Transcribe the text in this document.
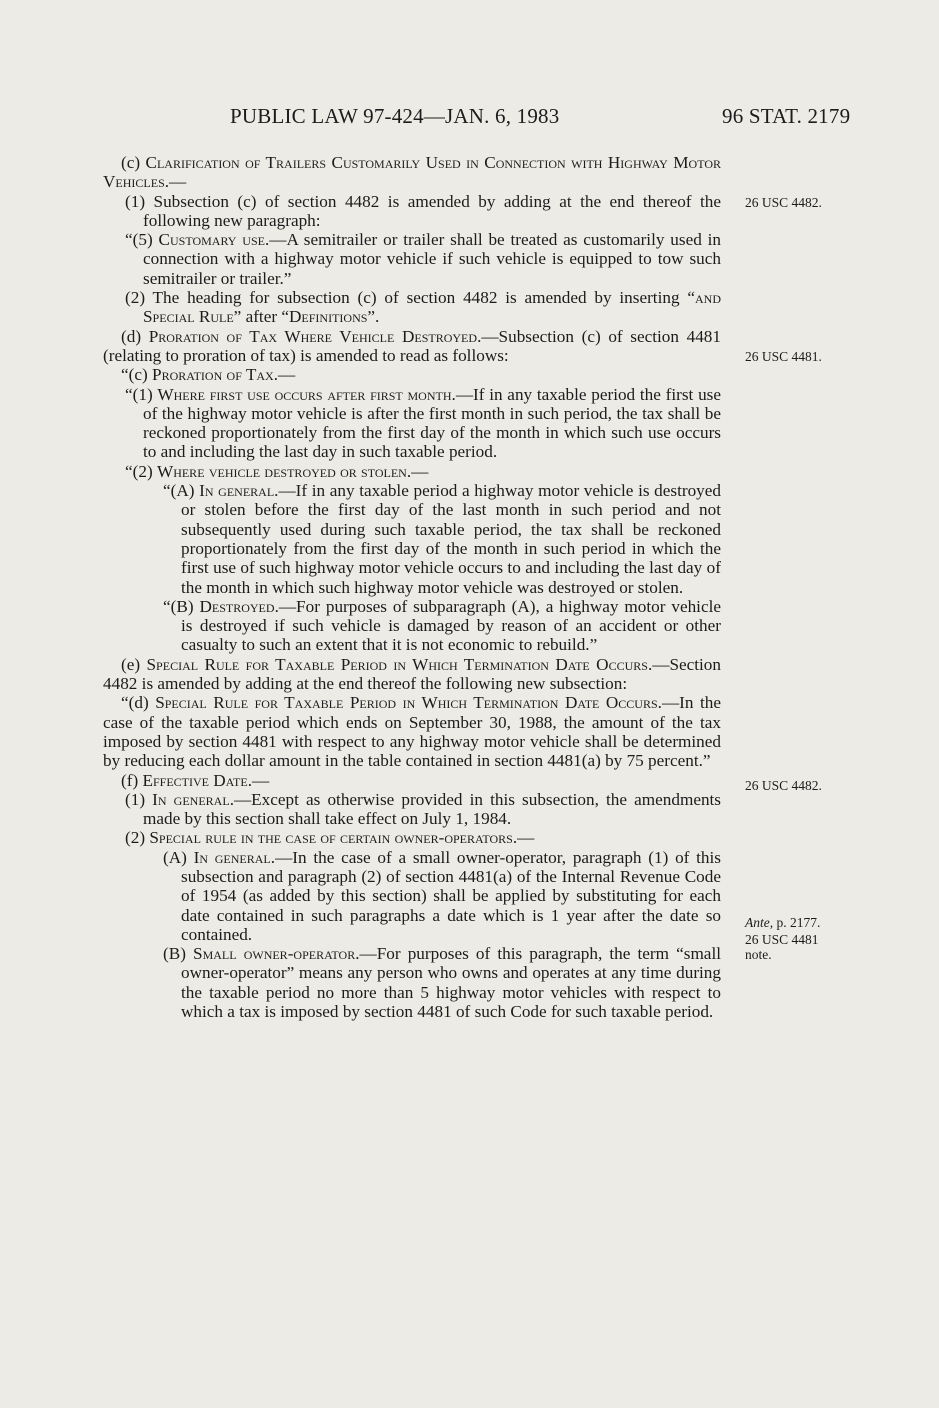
PUBLIC LAW 97-424—JAN. 6, 1983	96 STAT. 2179

(c) Clarification of Trailers Customarily Used in Connection with Highway Motor Vehicles.—

(1) Subsection (c) of section 4482 is amended by adding at the end thereof the following new paragraph:

“(5) Customary use.—A semitrailer or trailer shall be treated as customarily used in connection with a highway motor vehicle if such vehicle is equipped to tow such semitrailer or trailer.”

(2) The heading for subsection (c) of section 4482 is amended by inserting “and Special Rule” after “Definitions”.

(d) Proration of Tax Where Vehicle Destroyed.—Subsection (c) of section 4481 (relating to proration of tax) is amended to read as follows:

“(c) Proration of Tax.—

“(1) Where first use occurs after first month.—If in any taxable period the first use of the highway motor vehicle is after the first month in such period, the tax shall be reckoned proportionately from the first day of the month in which such use occurs to and including the last day in such taxable period.

“(2) Where vehicle destroyed or stolen.—

“(A) In general.—If in any taxable period a highway motor vehicle is destroyed or stolen before the first day of the last month in such period and not subsequently used during such taxable period, the tax shall be reckoned proportionately from the first day of the month in such period in which the first use of such highway motor vehicle occurs to and including the last day of the month in which such highway motor vehicle was destroyed or stolen.

“(B) Destroyed.—For purposes of subparagraph (A), a highway motor vehicle is destroyed if such vehicle is damaged by reason of an accident or other casualty to such an extent that it is not economic to rebuild.”

(e) Special Rule for Taxable Period in Which Termination Date Occurs.—Section 4482 is amended by adding at the end thereof the following new subsection:

“(d) Special Rule for Taxable Period in Which Termination Date Occurs.—In the case of the taxable period which ends on September 30, 1988, the amount of the tax imposed by section 4481 with respect to any highway motor vehicle shall be determined by reducing each dollar amount in the table contained in section 4481(a) by 75 percent.”

(f) Effective Date.—

(1) In general.—Except as otherwise provided in this subsection, the amendments made by this section shall take effect on July 1, 1984.

(2) Special rule in the case of certain owner-operators.—

(A) In general.—In the case of a small owner-operator, paragraph (1) of this subsection and paragraph (2) of section 4481(a) of the Internal Revenue Code of 1954 (as added by this section) shall be applied by substituting for each date contained in such paragraphs a date which is 1 year after the date so contained.

(B) Small owner-operator.—For purposes of this paragraph, the term “small owner-operator” means any person who owns and operates at any time during the taxable period no more than 5 highway motor vehicles with respect to which a tax is imposed by section 4481 of such Code for such taxable period.

26 USC 4482.
26 USC 4481.
26 USC 4482.
Ante, p. 2177.
26 USC 4481
note.
